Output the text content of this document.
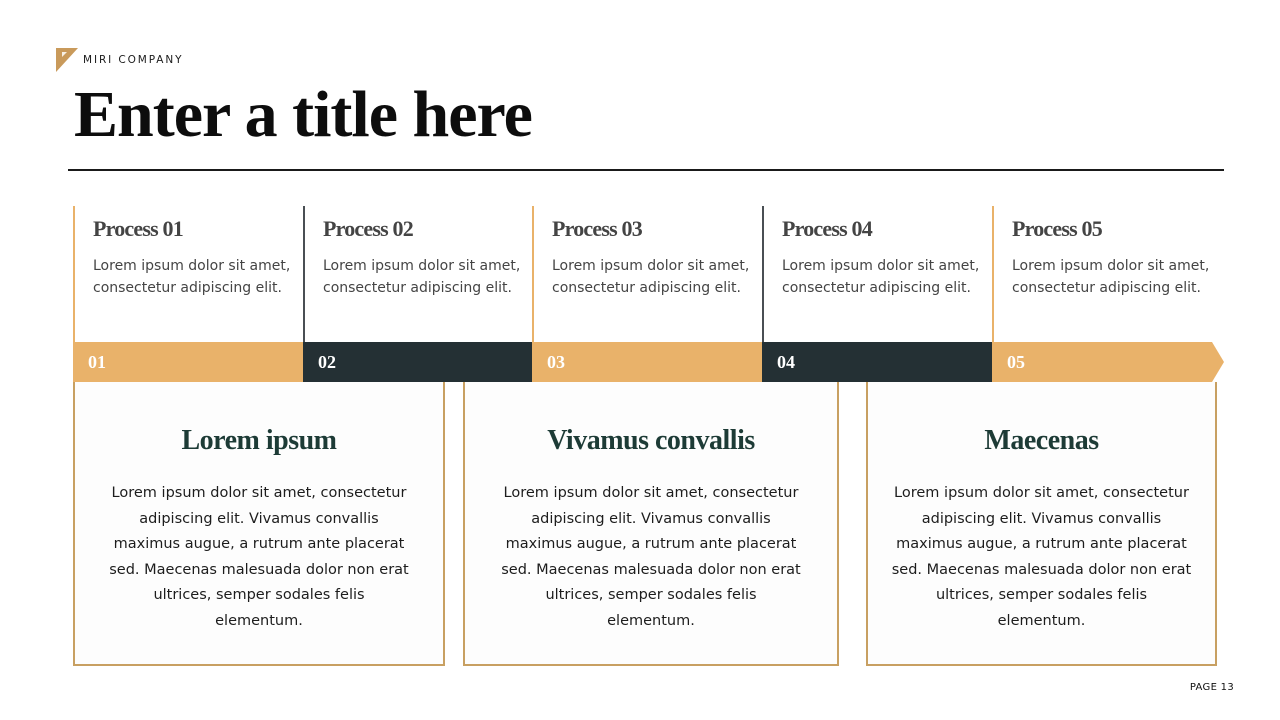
MIRI COMPANY
Enter a title here
Process 01
Lorem ipsum dolor sit amet, consectetur adipiscing elit.
Process 02
Lorem ipsum dolor sit amet, consectetur adipiscing elit.
Process 03
Lorem ipsum dolor sit amet, consectetur adipiscing elit.
Process 04
Lorem ipsum dolor sit amet, consectetur adipiscing elit.
Process 05
Lorem ipsum dolor sit amet, consectetur adipiscing elit.
01	02	03	04	05
Lorem ipsum
Lorem ipsum dolor sit amet, consectetur adipiscing elit. Vivamus convallis maximus augue, a rutrum ante placerat sed. Maecenas malesuada dolor non erat ultrices, semper sodales felis elementum.
Vivamus convallis
Lorem ipsum dolor sit amet, consectetur adipiscing elit. Vivamus convallis maximus augue, a rutrum ante placerat sed. Maecenas malesuada dolor non erat ultrices, semper sodales felis elementum.
Maecenas
Lorem ipsum dolor sit amet, consectetur adipiscing elit. Vivamus convallis maximus augue, a rutrum ante placerat sed. Maecenas malesuada dolor non erat ultrices, semper sodales felis elementum.
PAGE 13
